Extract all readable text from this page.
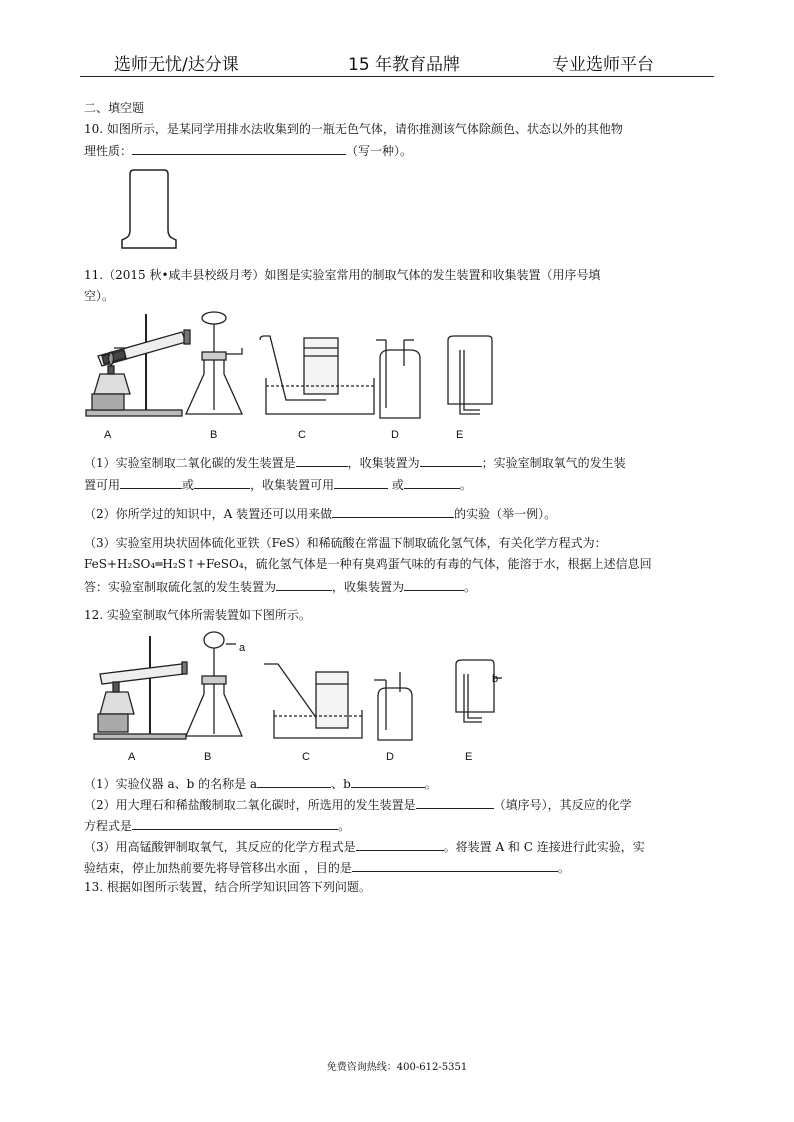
选师无忧/达分课	15 年教育品牌	专业选师平台
二、填空题
10. 如图所示，是某同学用排水法收集到的一瓶无色气体，请你推测该气体除颜色、状态以外的其他物
理性质：	（写一种）。
11.（2015 秋•咸丰县校级月考）如图是实验室常用的制取气体的发生装置和收集装置（用序号填
空）。
A	B	C	D	E
（1）实验室制取二氧化碳的发生装置是	，收集装置为	；实验室制取氧气的发生装
置可用	或	，收集装置可用	或	。
（2）你所学过的知识中，A 装置还可以用来做	的实验（举一例）。
（3）实验室用块状固体硫化亚铁（FeS）和稀硫酸在常温下制取硫化氢气体，有关化学方程式为：
FeS+H₂SO₄═H₂S↑+FeSO₄，硫化氢气体是一种有臭鸡蛋气味的有毒的气体，能溶于水，根据上述信息回
答：实验室制取硫化氢的发生装置为	，收集装置为	。
12. 实验室制取气体所需装置如下图所示。
a
b
A	B	C	D	E
（1）实验仪器 a、b 的名称是 a	、b	。
（2）用大理石和稀盐酸制取二氧化碳时，所选用的发生装置是	（填序号），其反应的化学
方程式是	。
（3）用高锰酸钾制取氧气，其反应的化学方程式是	。将装置 A 和 C 连接进行此实验，实
验结束，停止加热前要先将导管移出水面 ，目的是	。
13. 根据如图所示装置，结合所学知识回答下列问题。
免费咨询热线：400-612-5351
